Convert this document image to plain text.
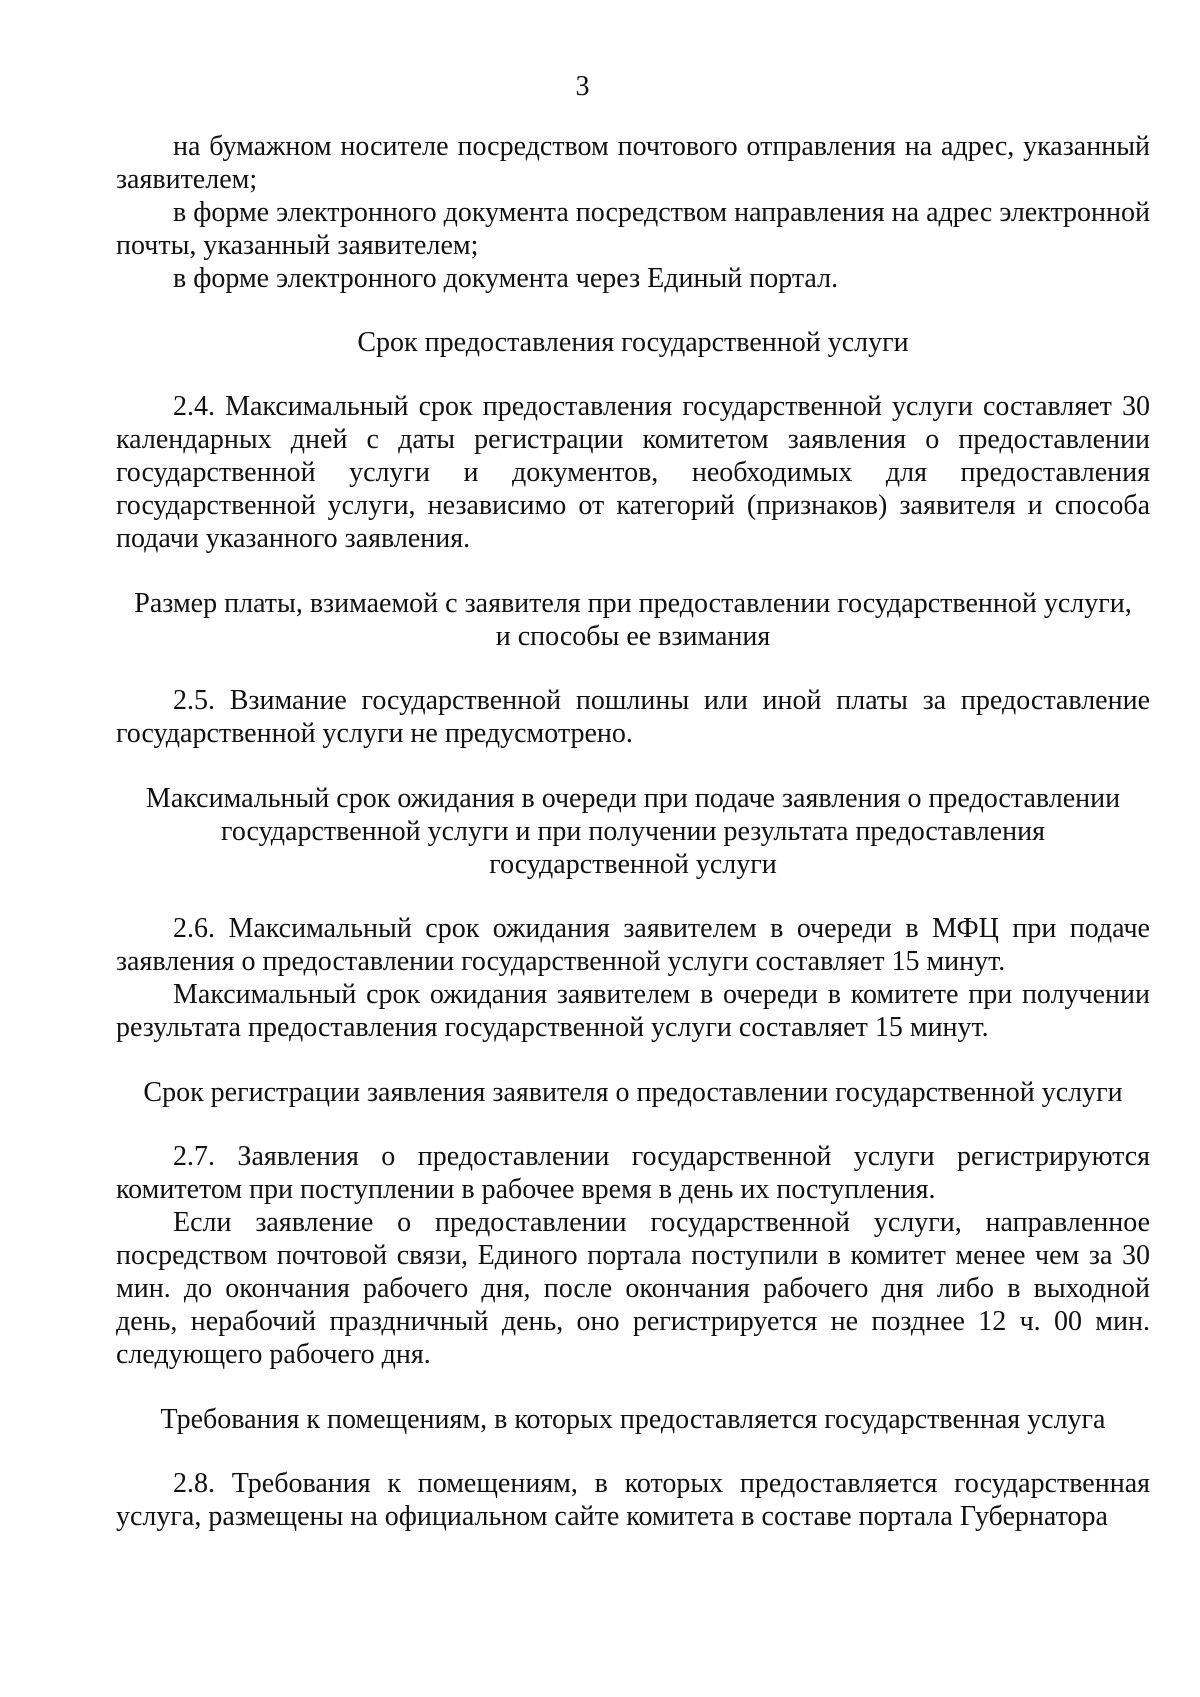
3

на бумажном носителе посредством почтового отправления на адрес, указанный заявителем;

в форме электронного документа посредством направления на адрес электронной почты, указанный заявителем;

в форме электронного документа через Единый портал.

Срок предоставления государственной услуги

2.4. Максимальный срок предоставления государственной услуги составляет 30 календарных дней с даты регистрации комитетом заявления о предоставлении государственной услуги и документов, необходимых для предоставления государственной услуги, независимо от категорий (признаков) заявителя и способа подачи указанного заявления.

Размер платы, взимаемой с заявителя при предоставлении государственной услуги,

и способы ее взимания

2.5. Взимание государственной пошлины или иной платы за предоставление государственной услуги не предусмотрено.

Максимальный срок ожидания в очереди при подаче заявления о предоставлении

государственной услуги и при получении результата предоставления

государственной услуги

2.6. Максимальный срок ожидания заявителем в очереди в МФЦ при подаче заявления о предоставлении государственной услуги составляет 15 минут.

Максимальный срок ожидания заявителем в очереди в комитете при получении результата предоставления государственной услуги составляет 15 минут.

Срок регистрации заявления заявителя о предоставлении государственной услуги

2.7. Заявления о предоставлении государственной услуги регистрируются комитетом при поступлении в рабочее время в день их поступления.

Если заявление о предоставлении государственной услуги, направленное посредством почтовой связи, Единого портала поступили в комитет менее чем за 30 мин. до окончания рабочего дня, после окончания рабочего дня либо в выходной день, нерабочий праздничный день, оно регистрируется не позднее 12 ч. 00 мин. следующего рабочего дня.

Требования к помещениям, в которых предоставляется государственная услуга

2.8. Требования к помещениям, в которых предоставляется государственная услуга, размещены на официальном сайте комитета в составе портала Губернатора
